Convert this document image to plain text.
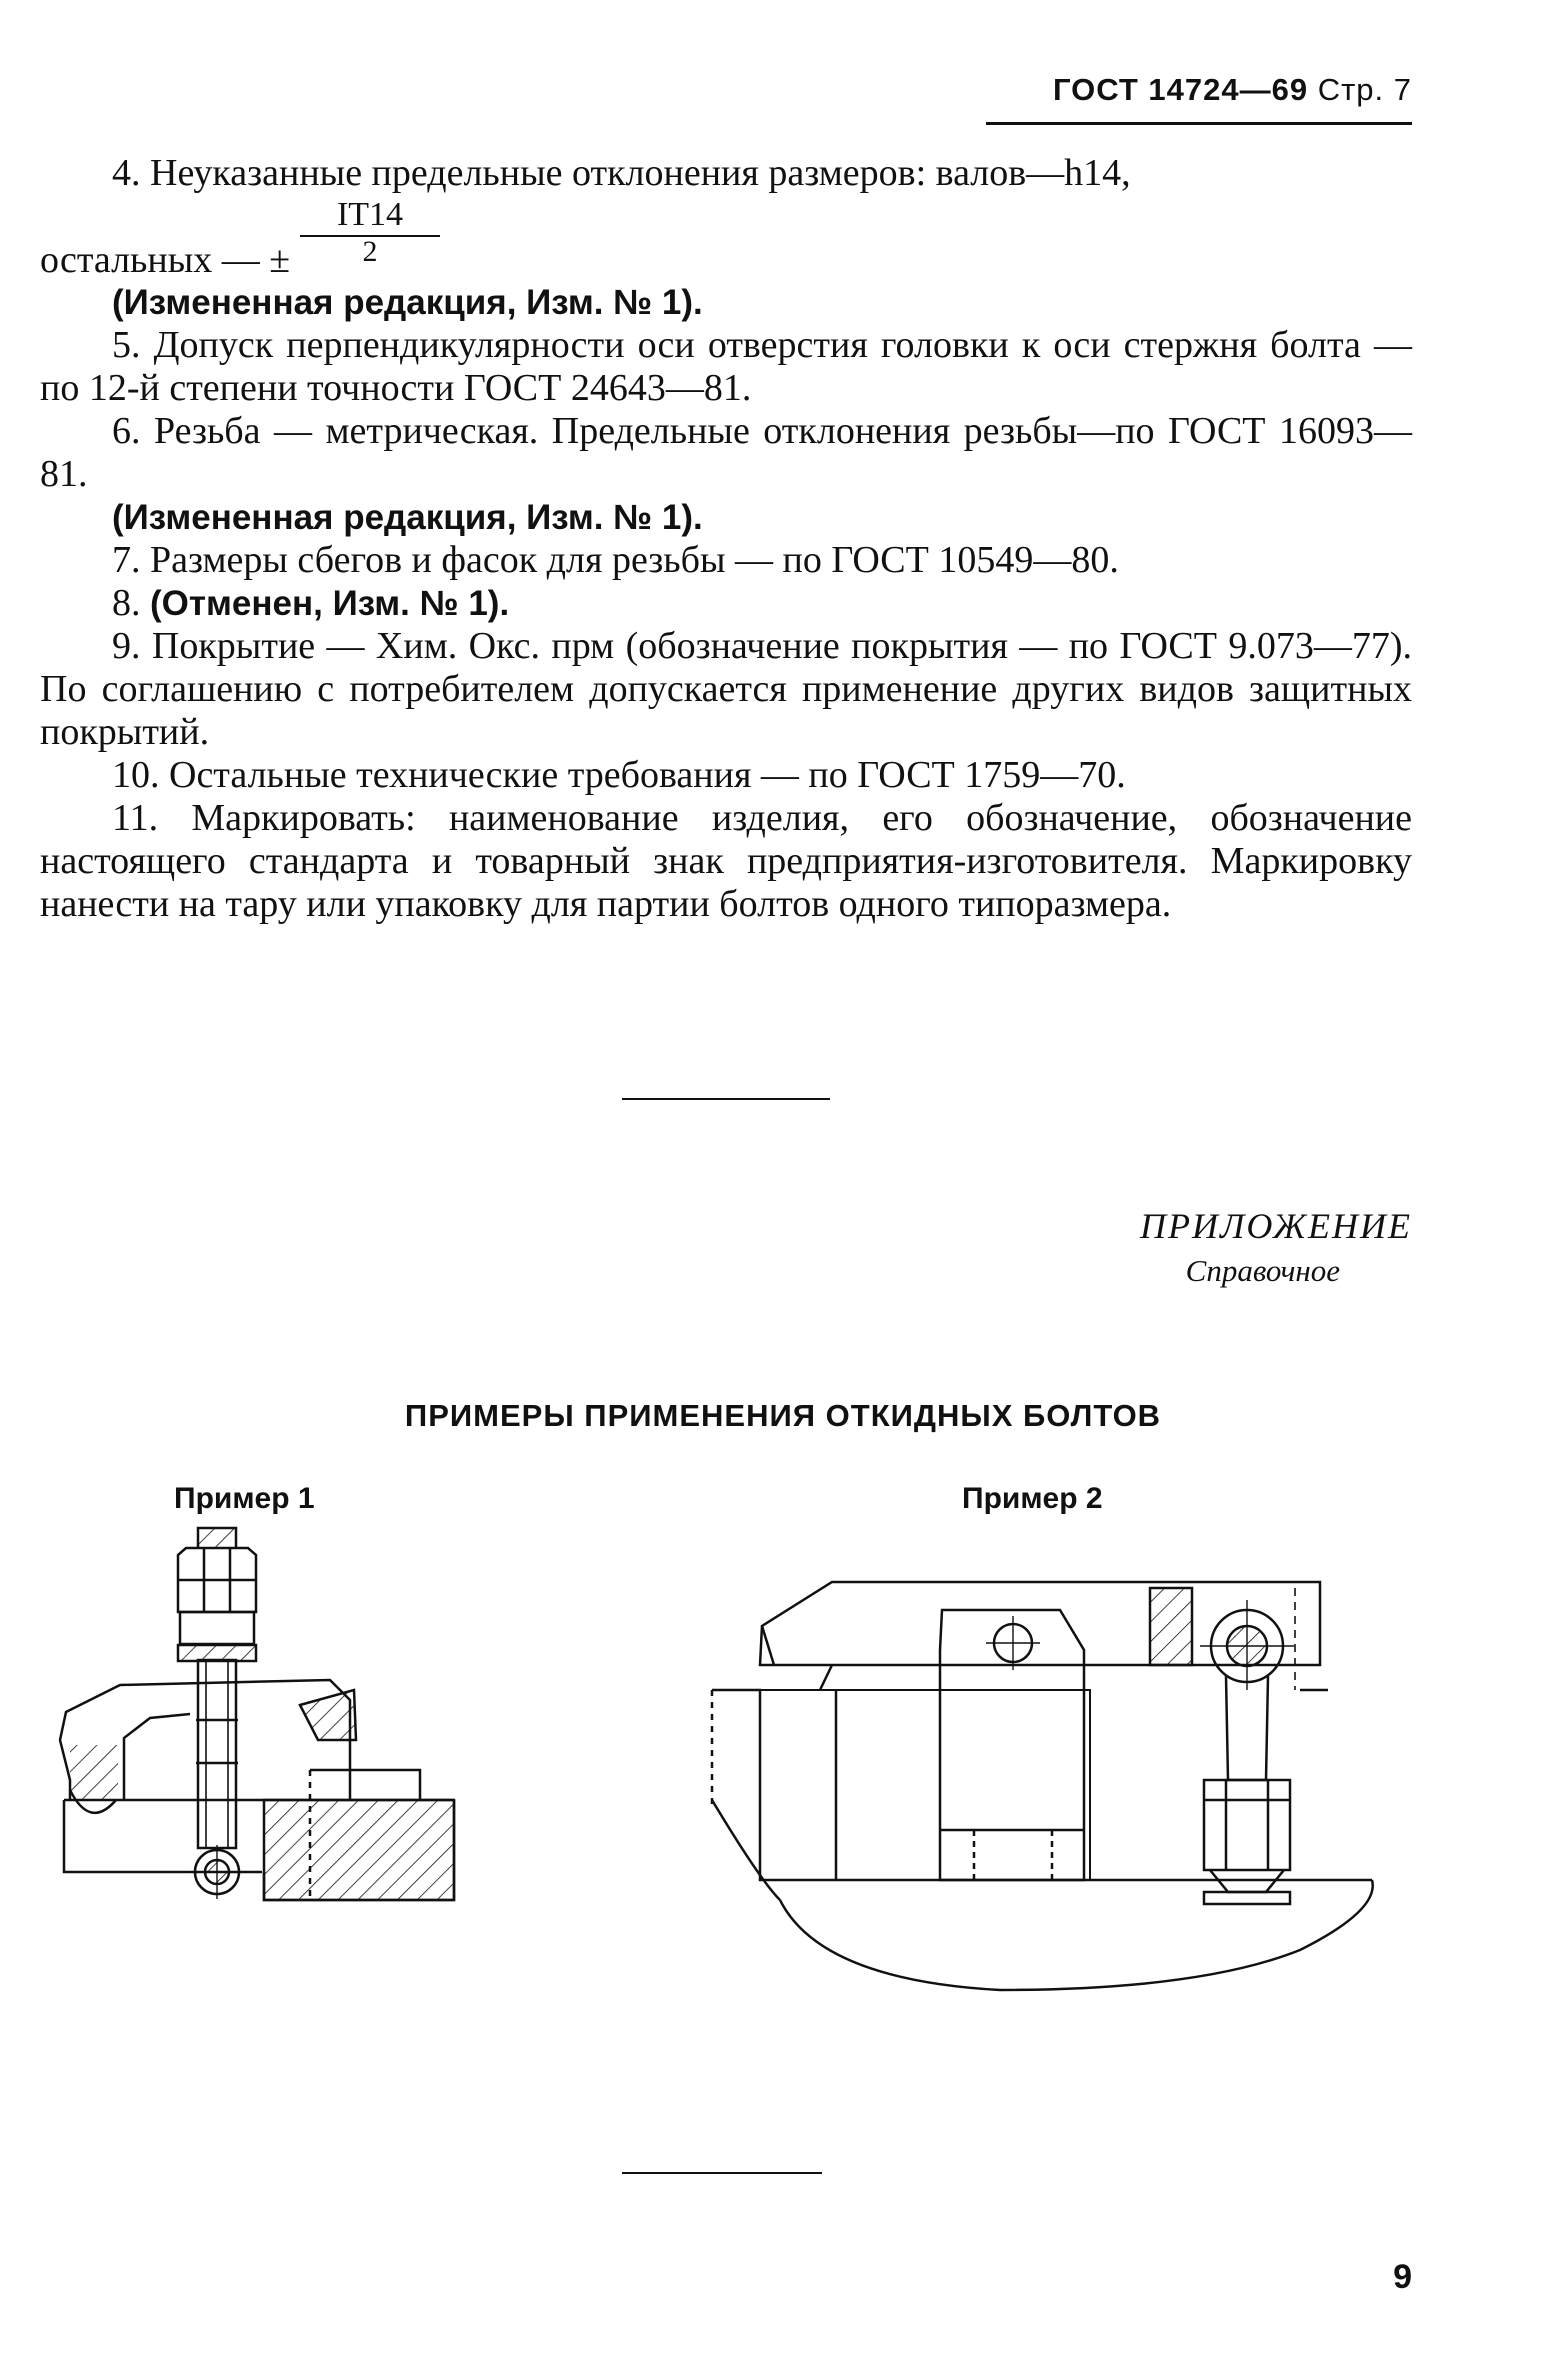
ГОСТ 14724—69 Стр. 7

4. Неуказанные предельные отклонения размеров: валов—h14,

остальных — ± $\frac{IT14}{2}$

(Измененная редакция, Изм. № 1).

5. Допуск перпендикулярности оси отверстия головки к оси стержня болта — по 12-й степени точности ГОСТ 24643—81.

6. Резьба — метрическая. Предельные отклонения резьбы—по ГОСТ 16093—81.

(Измененная редакция, Изм. № 1).

7. Размеры сбегов и фасок для резьбы — по ГОСТ 10549—80.

8. (Отменен, Изм. № 1).

9. Покрытие — Хим. Окс. прм (обозначение покрытия — по ГОСТ 9.073—77). По соглашению с потребителем допускается применение других видов защитных покрытий.

10. Остальные технические требования — по ГОСТ 1759—70.

11. Маркировать: наименование изделия, его обозначение, обозначение настоящего стандарта и товарный знак предприятия-изготовителя. Маркировку нанести на тару или упаковку для партии болтов одного типоразмера.

ПРИЛОЖЕНИЕ
Справочное
ПРИМЕРЫ ПРИМЕНЕНИЯ ОТКИДНЫХ БОЛТОВ
Пример 1	Пример 2
9
